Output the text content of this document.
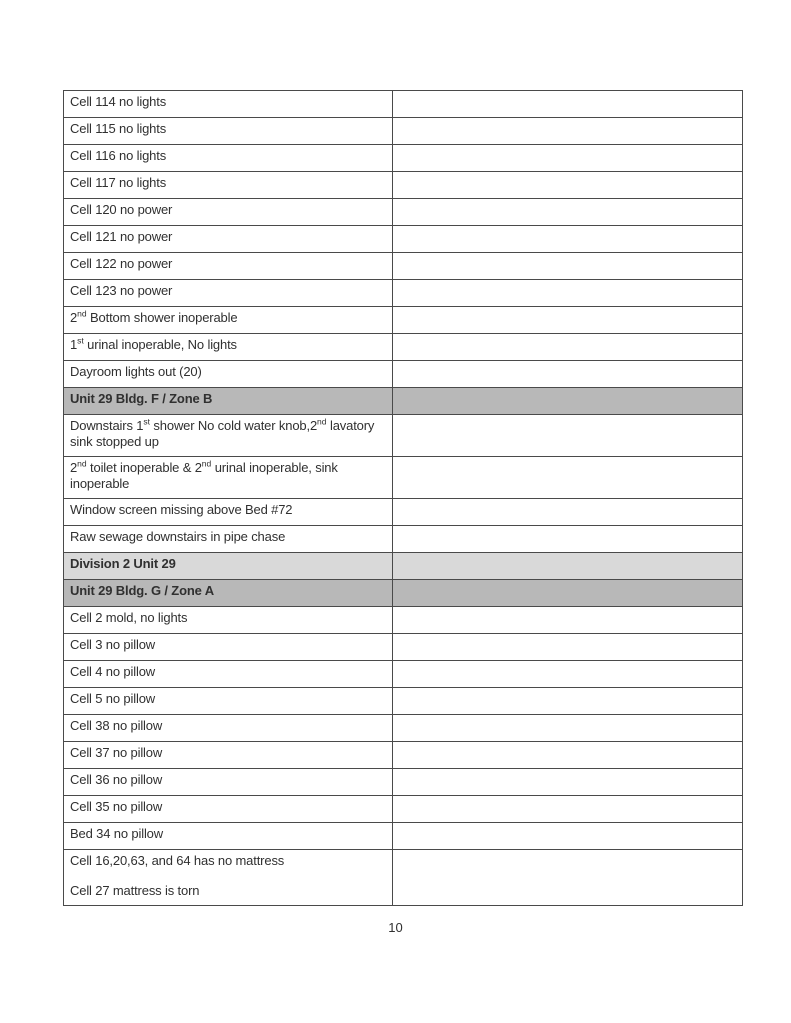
Cell 114 no lights	

Cell 115 no lights	

Cell 116 no lights	

Cell 117 no lights	

Cell 120 no power	

Cell 121 no power	

Cell 122 no power	

Cell 123 no power	

2nd Bottom shower inoperable	

1st urinal inoperable, No lights	

Dayroom lights out (20)	

Unit 29 Bldg. F / Zone B	

Downstairs 1st shower No cold water knob,2nd lavatory
sink stopped up	

2nd toilet inoperable & 2nd urinal inoperable, sink
inoperable	

Window screen missing above Bed #72	

Raw sewage downstairs in pipe chase	

Division 2 Unit 29	

Unit 29 Bldg. G / Zone A	

Cell 2 mold, no lights	

Cell 3 no pillow	

Cell 4 no pillow	

Cell 5 no pillow	

Cell 38 no pillow	

Cell 37 no pillow	

Cell 36 no pillow	

Cell 35 no pillow	

Bed 34 no pillow	

Cell 16,20,63, and 64 has no mattress

Cell 27 mattress is torn	

10
